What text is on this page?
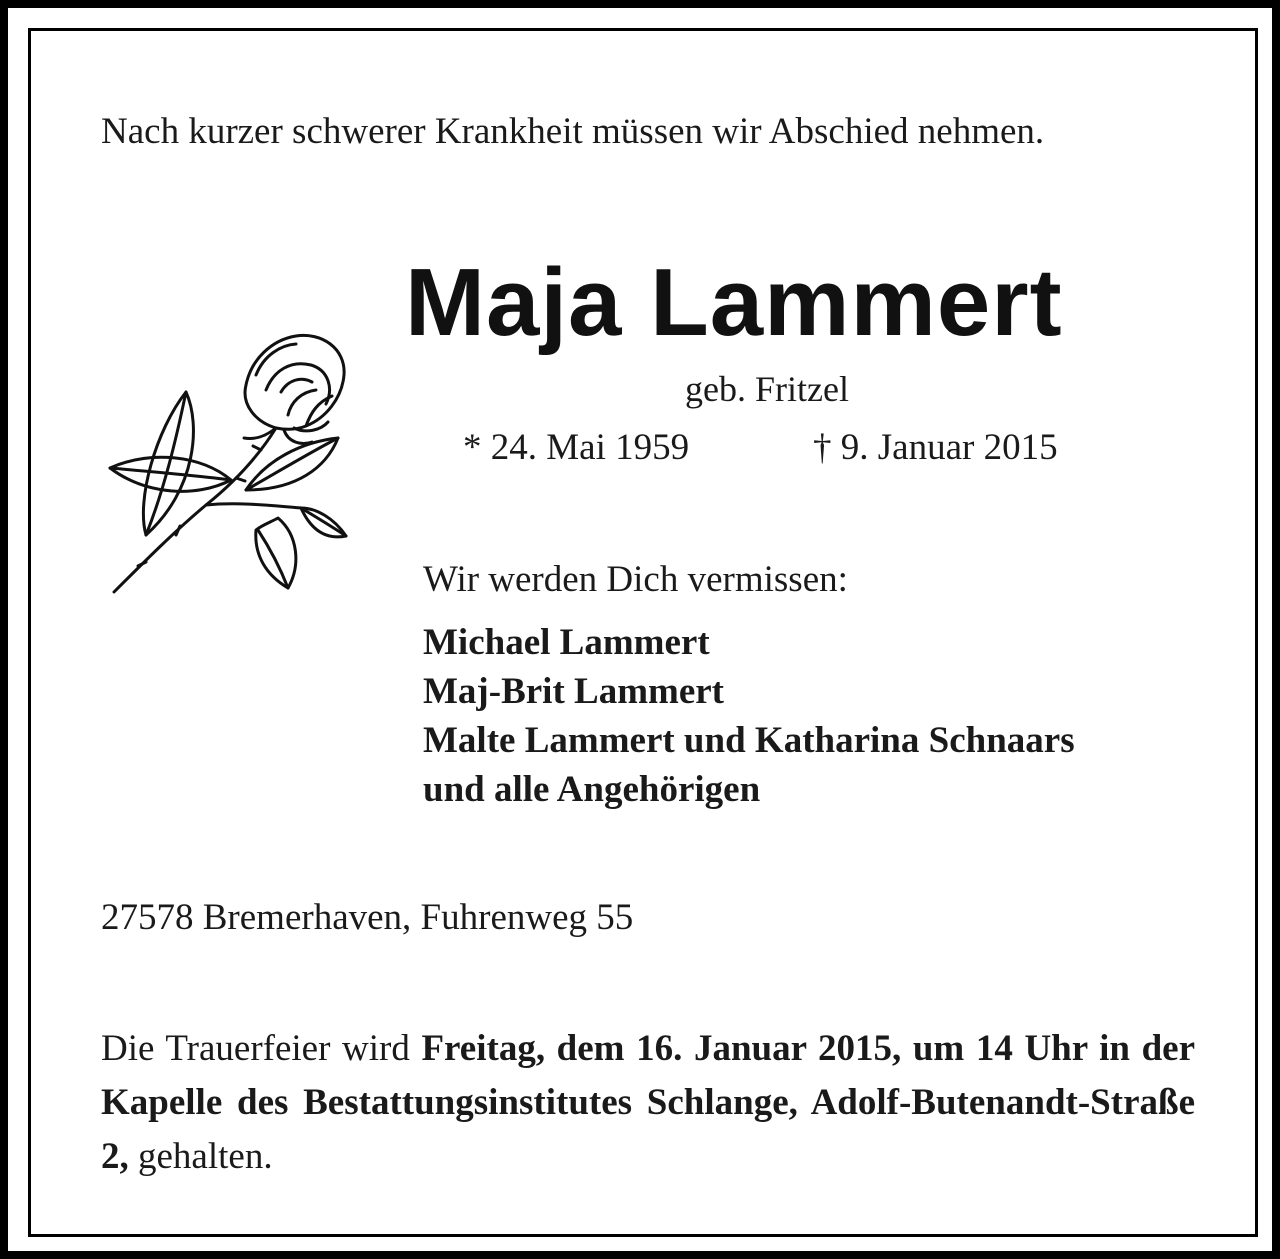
Nach kurzer schwerer Krankheit müssen wir Abschied nehmen.
Maja Lammert
geb. Fritzel
* 24. Mai 1959	† 9. Januar 2015
Wir werden Dich vermissen:
Michael Lammert
Maj-Brit Lammert
Malte Lammert und Katharina Schnaars
und alle Angehörigen
27578 Bremerhaven, Fuhrenweg 55
Die Trauerfeier wird Freitag, dem 16. Januar 2015, um 14 Uhr in der Kapelle des Bestattungsinstitutes Schlange, Adolf-Butenandt-Straße 2, gehalten.
